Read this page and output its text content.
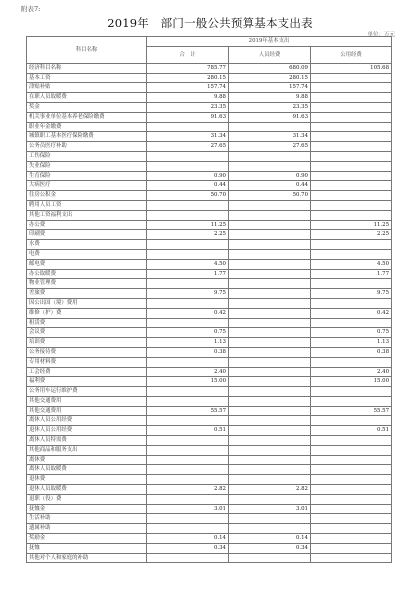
附表7:
2019年　部门一般公共预算基本支出表
单位：万元
科目名称	2019年基本支出		
	合　计	人员经费	公用经费
经济科目名称	785.77	680.09	105.68
基本工资	280.15	280.15	
津贴补贴	157.74	157.74	
在职人员取暖费	9.88	9.88	
奖金	23.35	23.35	
机关事业单位基本养老保险缴费	91.63	91.63	
职业年金缴费			
城镇职工基本医疗保险缴费	31.34	31.34	
公务员医疗补助	27.65	27.65	
工伤保险			
失业保险			
生育保险	0.90	0.90	
大病医疗	0.44	0.44	
住房公积金	50.70	50.70	
聘用人员工资			
其他工资福利支出			
办公费	11.25		11.25
印刷费	2.25		2.25
水费			
电费			
邮电费	4.50		4.50
办公取暖费	1.77		1.77
物业管理费			
差旅费	9.75		9.75
因公出国（境）费用			
维修（护）费	0.42		0.42
租赁费			
会议费	0.75		0.75
培训费	1.13		1.13
公务接待费	0.38		0.38
专用材料费			
工会经费	2.40		2.40
福利费	15.00		15.00
公务用车运行维护费			
其他交通费用			
其他交通费用	55.57		55.57
离休人员公用经费			
退休人员公用经费	0.51		0.51
离休人员特需费			
其他商品和服务支出			
离休费			
离休人员取暖费			
退休费			
退休人员取暖费	2.82	2.82	
退职（役）费			
抚恤金	3.01	3.01	
生活补助			
遗属补助			
奖励金	0.14	0.14	
抚恤	0.34	0.34	
其他对个人和家庭的补助			
